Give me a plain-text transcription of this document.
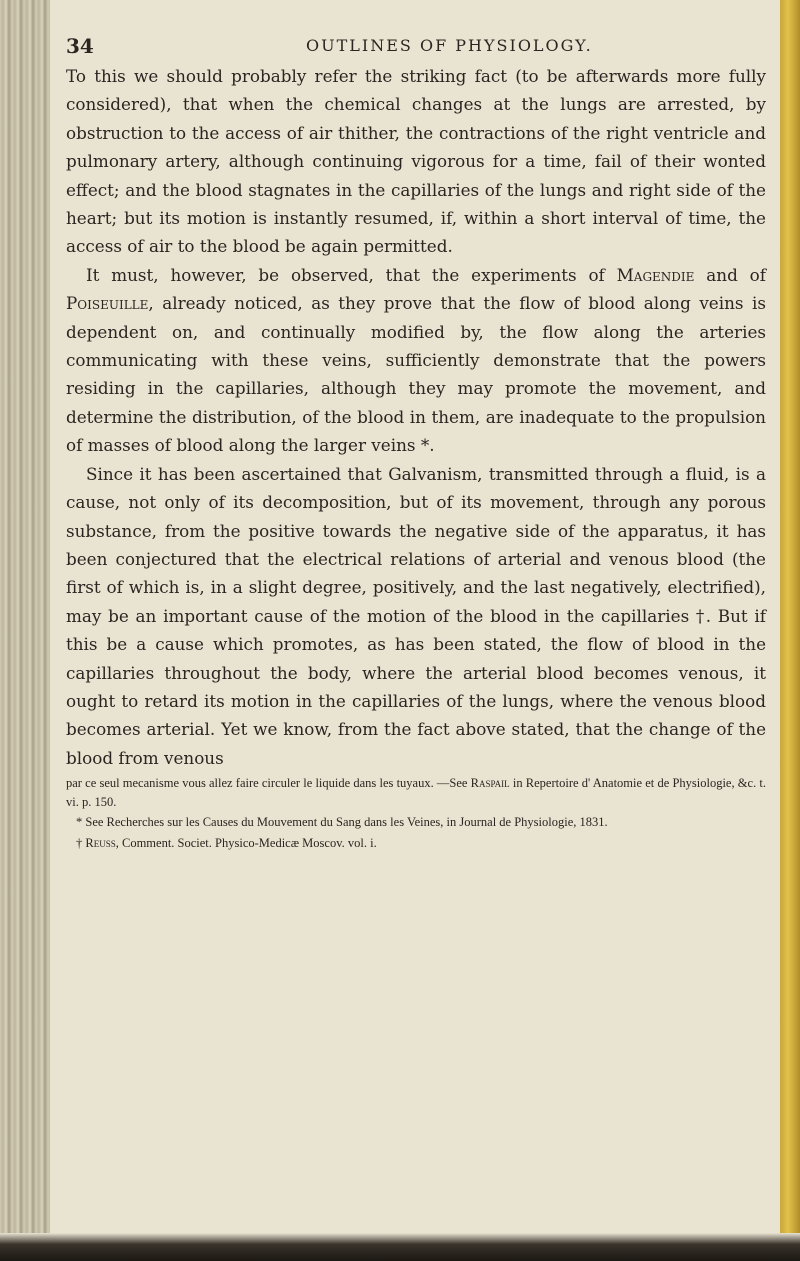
34	OUTLINES OF PHYSIOLOGY.

To this we should probably refer the striking fact (to be afterwards more fully considered), that when the chemical changes at the lungs are arrested, by obstruction to the access of air thither, the contractions of the right ventricle and pulmonary artery, although continuing vigorous for a time, fail of their wonted effect; and the blood stagnates in the capillaries of the lungs and right side of the heart; but its motion is instantly resumed, if, within a short interval of time, the access of air to the blood be again permitted.

It must, however, be observed, that the experiments of Magendie and of Poiseuille, already noticed, as they prove that the flow of blood along veins is dependent on, and continually modified by, the flow along the arteries communicating with these veins, sufficiently demonstrate that the powers residing in the capillaries, although they may promote the movement, and determine the distribution, of the blood in them, are inadequate to the propulsion of masses of blood along the larger veins *.

Since it has been ascertained that Galvanism, transmitted through a fluid, is a cause, not only of its decomposition, but of its movement, through any porous substance, from the positive towards the negative side of the apparatus, it has been conjectured that the electrical relations of arterial and venous blood (the first of which is, in a slight degree, positively, and the last negatively, electrified), may be an important cause of the motion of the blood in the capillaries †. But if this be a cause which promotes, as has been stated, the flow of blood in the capillaries throughout the body, where the arterial blood becomes venous, it ought to retard its motion in the capillaries of the lungs, where the venous blood becomes arterial. Yet we know, from the fact above stated, that the change of the blood from venous

par ce seul mecanisme vous allez faire circuler le liquide dans les tuyaux. —See Raspail in Repertoire d' Anatomie et de Physiologie, &c. t. vi. p. 150.

* See Recherches sur les Causes du Mouvement du Sang dans les Veines, in Journal de Physiologie, 1831.

† Reuss, Comment. Societ. Physico-Medicæ Moscov. vol. i.
